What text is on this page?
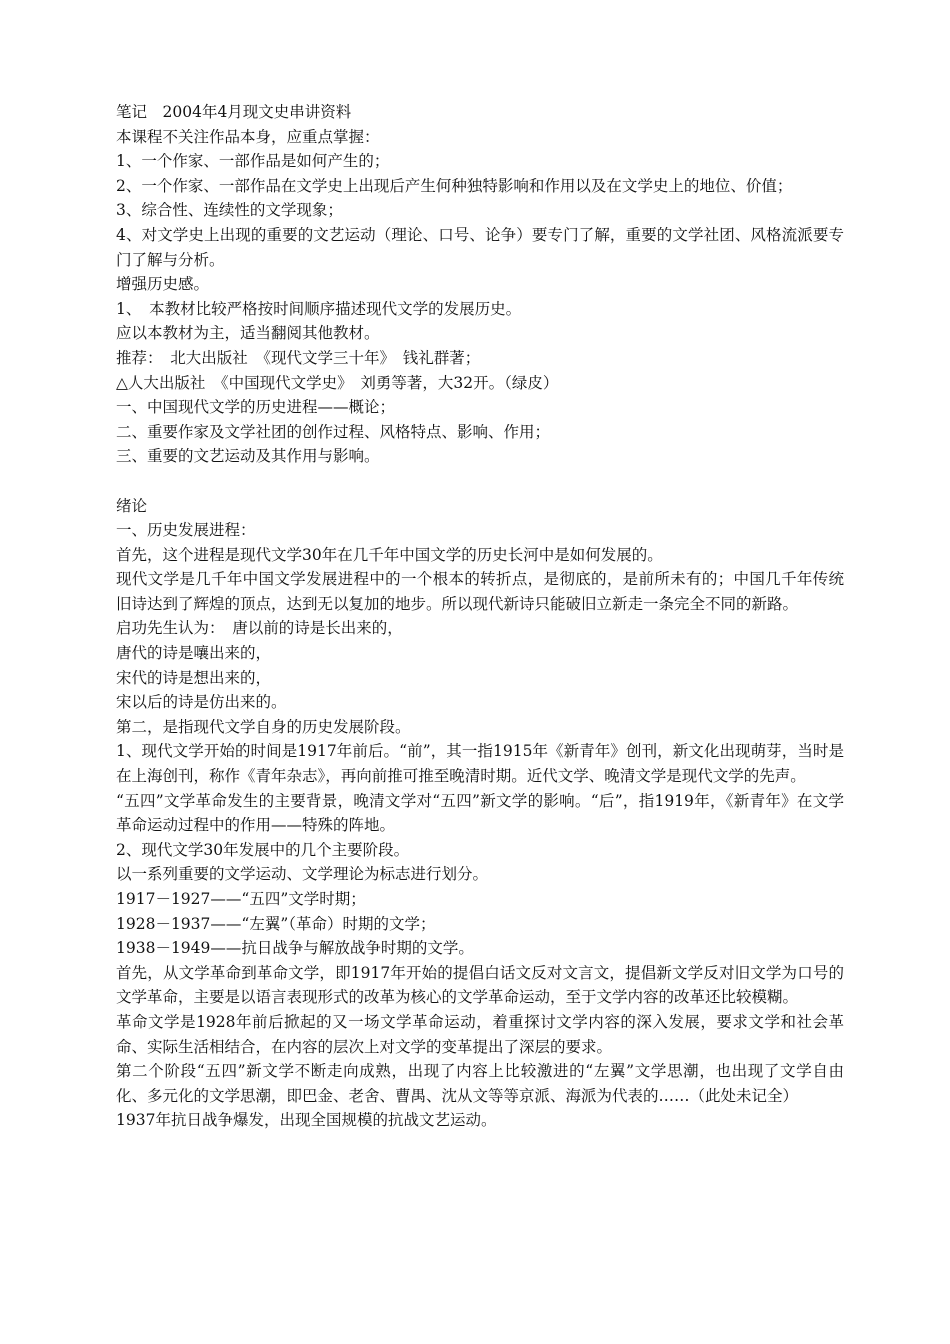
笔记　2004年4月现文史串讲资料
本课程不关注作品本身，应重点掌握：
1、一个作家、一部作品是如何产生的；
2、一个作家、一部作品在文学史上出现后产生何种独特影响和作用以及在文学史上的地位、价值；
3、综合性、连续性的文学现象；
4、对文学史上出现的重要的文艺运动（理论、口号、论争）要专门了解，重要的文学社团、风格流派要专门了解与分析。
增强历史感。
1、　本教材比较严格按时间顺序描述现代文学的发展历史。
应以本教材为主，适当翻阅其他教材。
推荐：　北大出版社　《现代文学三十年》　钱礼群著；
△人大出版社　《中国现代文学史》　刘勇等著，大32开。（绿皮）
一、中国现代文学的历史进程——概论；
二、重要作家及文学社团的创作过程、风格特点、影响、作用；
三、重要的文艺运动及其作用与影响。
绪论
一、历史发展进程：
首先，这个进程是现代文学30年在几千年中国文学的历史长河中是如何发展的。
现代文学是几千年中国文学发展进程中的一个根本的转折点，是彻底的，是前所未有的；中国几千年传统旧诗达到了辉煌的顶点，达到无以复加的地步。所以现代新诗只能破旧立新走一条完全不同的新路。
启功先生认为：　唐以前的诗是长出来的，
唐代的诗是嚷出来的，
宋代的诗是想出来的，
宋以后的诗是仿出来的。
第二，是指现代文学自身的历史发展阶段。
1、现代文学开始的时间是1917年前后。“前”，其一指1915年《新青年》创刊，新文化出现萌芽，当时是在上海创刊，称作《青年杂志》，再向前推可推至晚清时期。近代文学、晚清文学是现代文学的先声。
“五四”文学革命发生的主要背景，晚清文学对“五四”新文学的影响。“后”，指1919年，《新青年》在文学革命运动过程中的作用——特殊的阵地。
2、现代文学30年发展中的几个主要阶段。
以一系列重要的文学运动、文学理论为标志进行划分。
1917－1927——“五四”文学时期；
1928－1937——“左翼”（革命）时期的文学；
1938－1949——抗日战争与解放战争时期的文学。
首先，从文学革命到革命文学，即1917年开始的提倡白话文反对文言文，提倡新文学反对旧文学为口号的文学革命，主要是以语言表现形式的改革为核心的文学革命运动，至于文学内容的改革还比较模糊。
革命文学是1928年前后掀起的又一场文学革命运动，着重探讨文学内容的深入发展，要求文学和社会革命、实际生活相结合，在内容的层次上对文学的变革提出了深层的要求。
第二个阶段“五四”新文学不断走向成熟，出现了内容上比较激进的“左翼”文学思潮，也出现了文学自由化、多元化的文学思潮，即巴金、老舍、曹禺、沈从文等等京派、海派为代表的……（此处未记全）
1937年抗日战争爆发，出现全国规模的抗战文艺运动。
